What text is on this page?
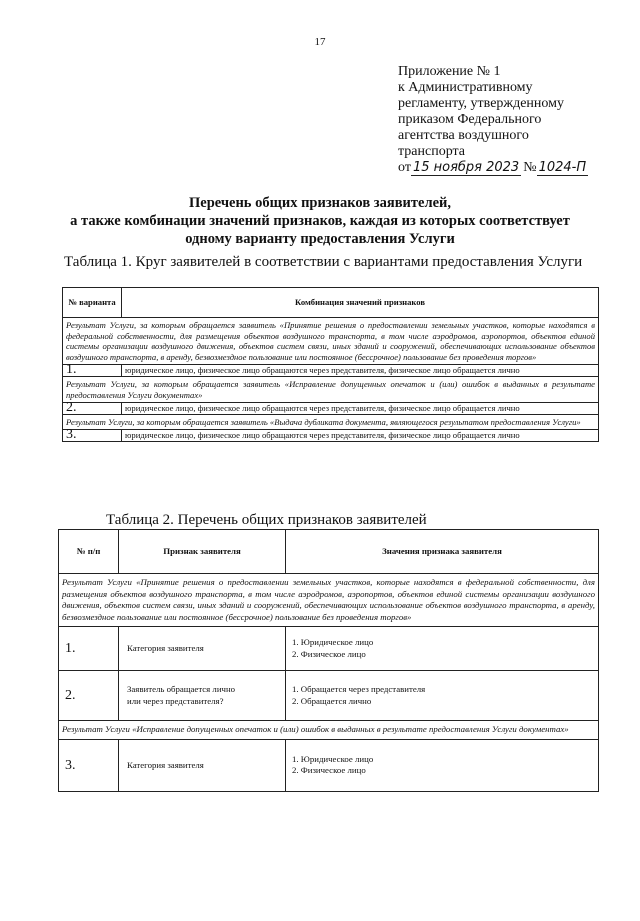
17
Приложение № 1
к Административному
регламенту, утвержденному
приказом Федерального
агентства воздушного
транспорта
от 15 ноября 2023 № 1024-П
Перечень общих признаков заявителей,
а также комбинации значений признаков, каждая из которых соответствует
одному варианту предоставления Услуги
Таблица 1. Круг заявителей в соответствии с вариантами предоставления Услуги
№ варианта	Комбинация значений признаков
Результат Услуги, за которым обращается заявитель «Принятие решения о предоставлении земельных участков, которые находятся в федеральной собственности, для размещения объектов воздушного транспорта, в том числе аэродромов, аэропортов, объектов единой системы организации воздушного движения, объектов систем связи, иных зданий и сооружений, обеспечивающих использование объектов воздушного транспорта, в аренду, безвозмездное пользование или постоянное (бессрочное) пользование без проведения торгов»	
1.	юридическое лицо, физическое лицо обращаются через представителя, физическое лицо обращается лично
Результат Услуги, за которым обращается заявитель «Исправление допущенных опечаток и (или) ошибок в выданных в результате предоставления Услуги документах»	
2.	юридическое лицо, физическое лицо обращаются через представителя, физическое лицо обращается лично
Результат Услуги, за которым обращается заявитель «Выдача дубликата документа, являющегося результатом предоставления Услуги»	
3.	юридическое лицо, физическое лицо обращаются через представителя, физическое лицо обращается лично
Таблица 2. Перечень общих признаков заявителей
№ п/п	Признак заявителя	Значения признака заявителя
Результат Услуги «Принятие решения о предоставлении земельных участков, которые находятся в федеральной собственности, для размещения объектов воздушного транспорта, в том числе аэродромов, аэропортов, объектов единой системы организации воздушного движения, объектов систем связи, иных зданий и сооружений, обеспечивающих использование объектов воздушного транспорта, в аренду, безвозмездное пользование или постоянное (бессрочное) пользование без проведения торгов»		
1.	Категория заявителя	1. Юридическое лицо
2. Физическое лицо

2.	Заявитель обращается лично
или через представителя?	1. Обращается через представителя
2. Обращается лично

Результат Услуги «Исправление допущенных опечаток и (или) ошибок в выданных в результате предоставления Услуги документах»		
3.	Категория заявителя	1. Юридическое лицо
2. Физическое лицо
